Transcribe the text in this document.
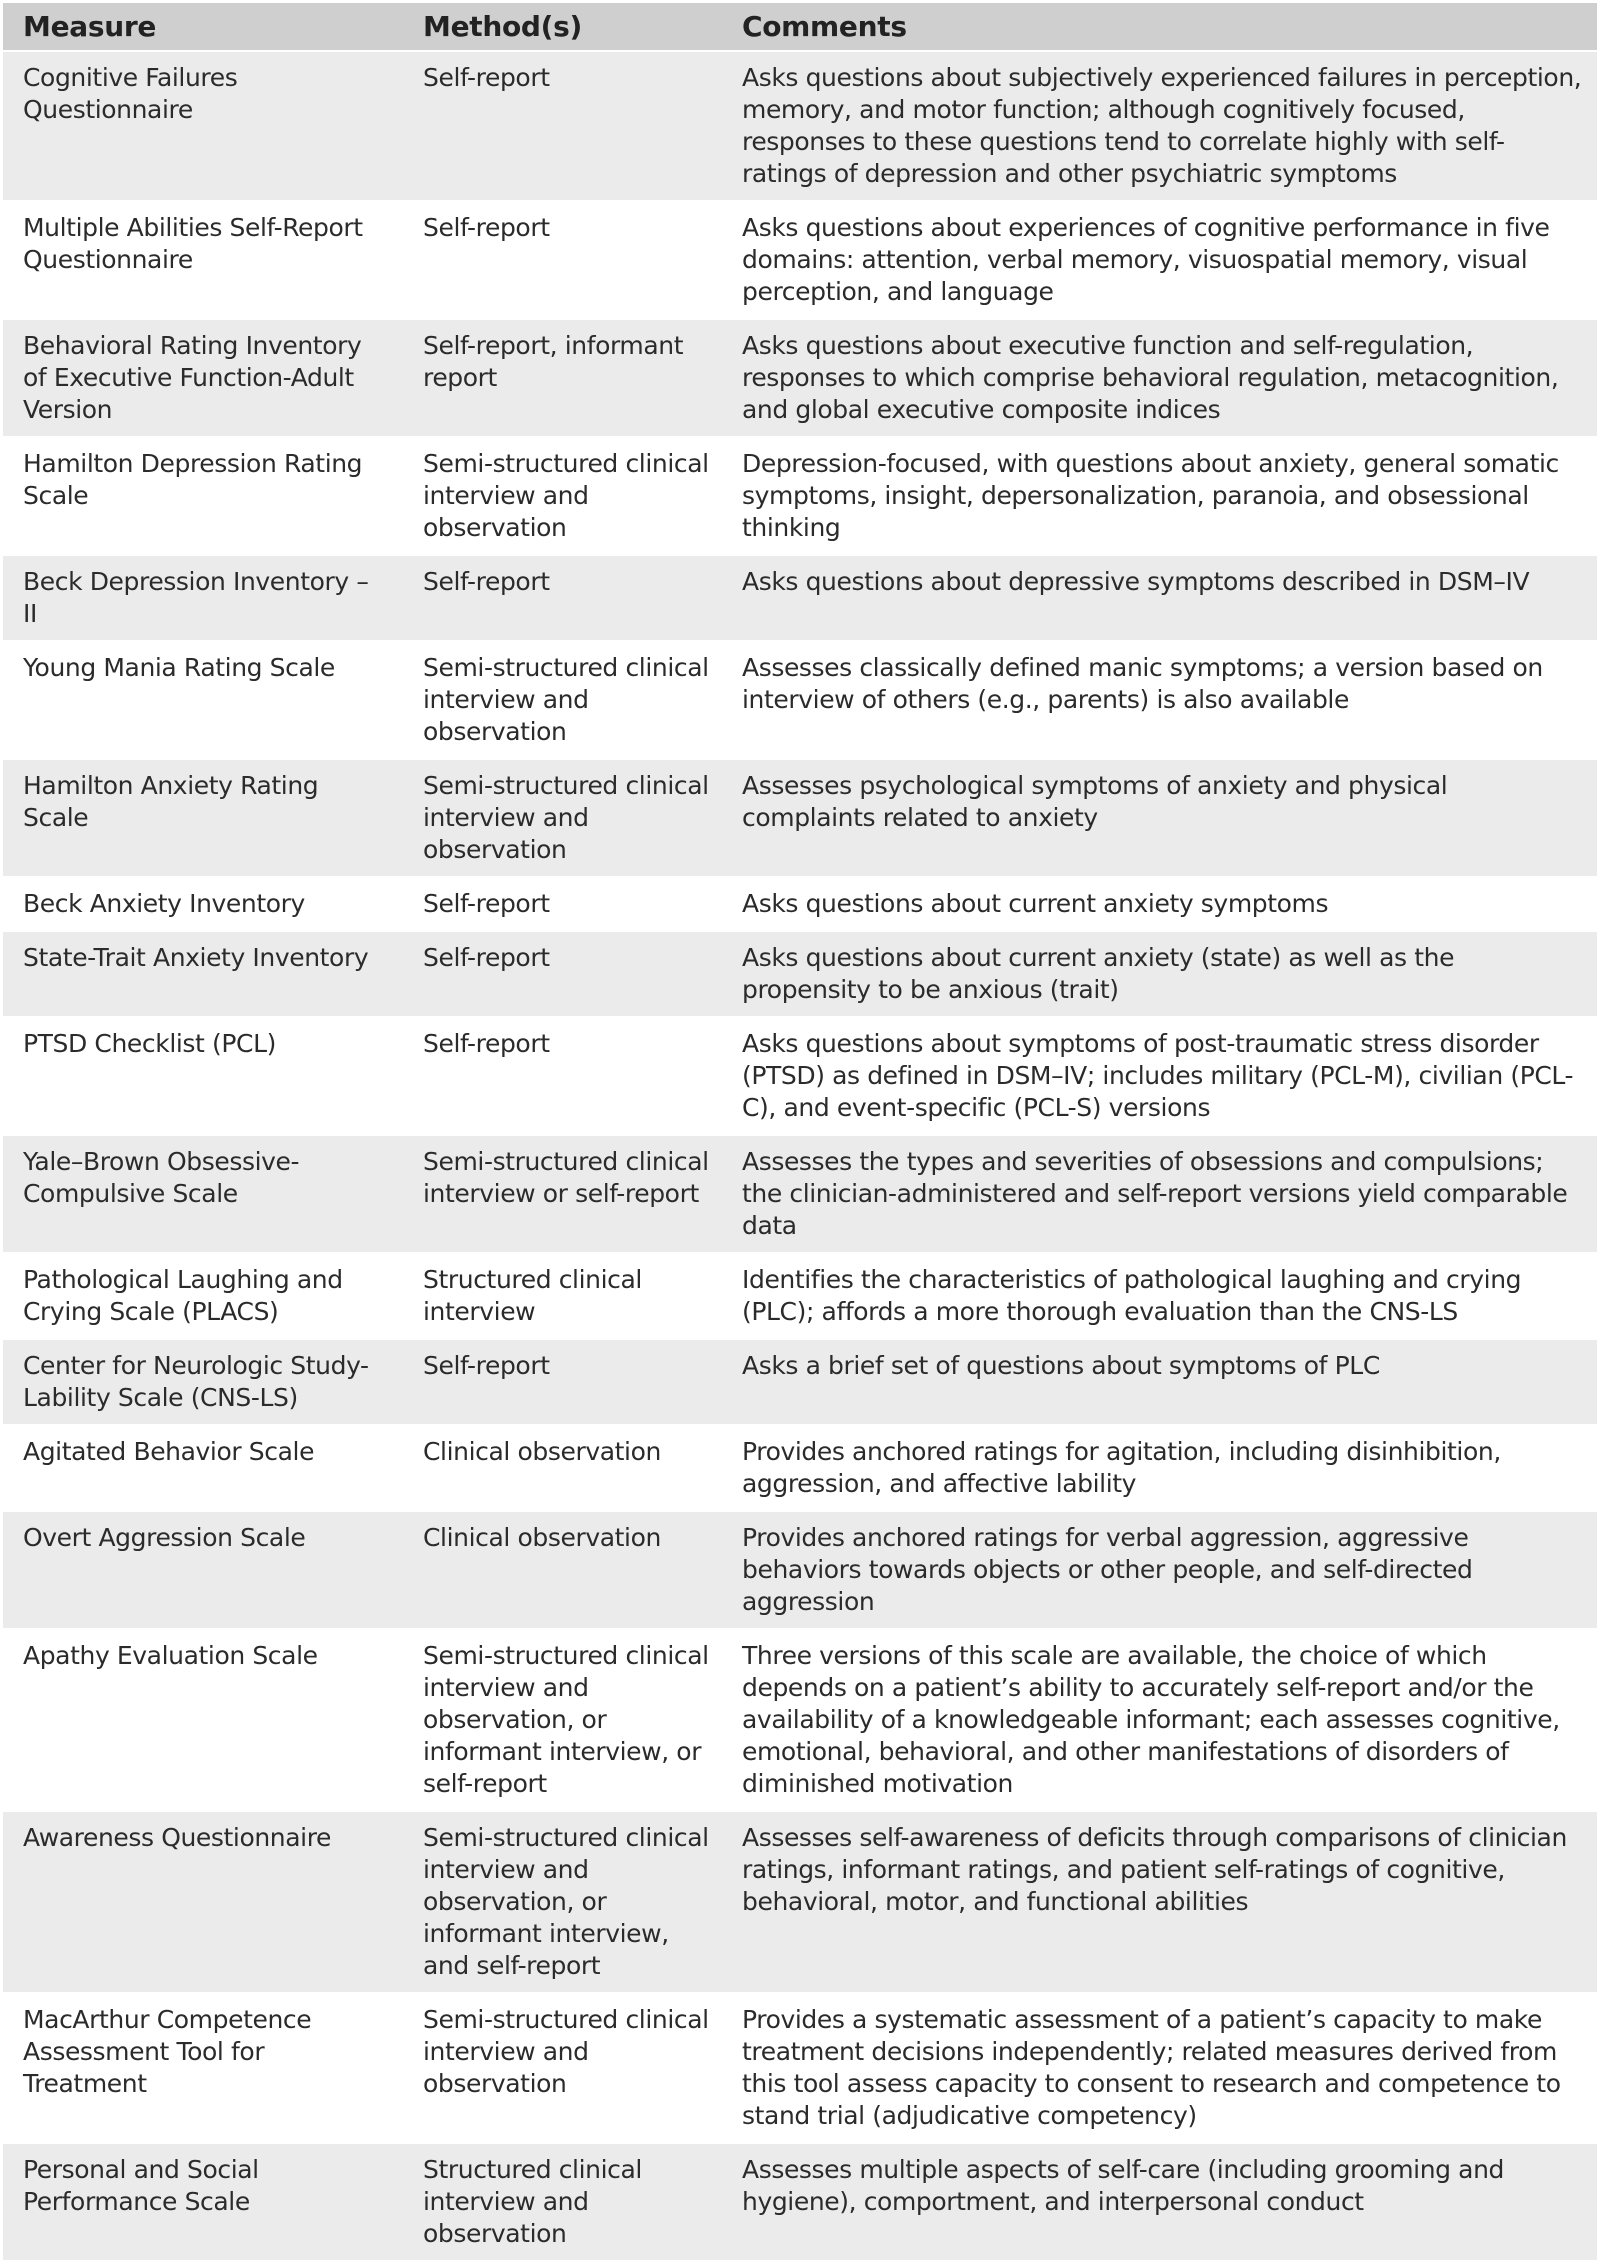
Measure	Method(s)	Comments
Cognitive Failures Questionnaire	Self-report	Asks questions about subjectively experienced failures in perception, memory, and motor function; although cognitively focused, responses to these questions tend to correlate highly with self-ratings of depression and other psychiatric symptoms
Multiple Abilities Self-Report Questionnaire	Self-report	Asks questions about experiences of cognitive performance in five domains: attention, verbal memory, visuospatial memory, visual perception, and language
Behavioral Rating Inventory of Executive Function-Adult Version	Self-report, informant report	Asks questions about executive function and self-regulation, responses to which comprise behavioral regulation, metacognition, and global executive composite indices
Hamilton Depression Rating Scale	Semi-structured clinical interview and observation	Depression-focused, with questions about anxiety, general somatic symptoms, insight, depersonalization, paranoia, and obsessional thinking
Beck Depression Inventory – II	Self-report	Asks questions about depressive symptoms described in DSM–IV
Young Mania Rating Scale	Semi-structured clinical interview and observation	Assesses classically defined manic symptoms; a version based on interview of others (e.g., parents) is also available
Hamilton Anxiety Rating Scale	Semi-structured clinical interview and observation	Assesses psychological symptoms of anxiety and physical complaints related to anxiety
Beck Anxiety Inventory	Self-report	Asks questions about current anxiety symptoms
State-Trait Anxiety Inventory	Self-report	Asks questions about current anxiety (state) as well as the propensity to be anxious (trait)
PTSD Checklist (PCL)	Self-report	Asks questions about symptoms of post-traumatic stress disorder (PTSD) as defined in DSM–IV; includes military (PCL-M), civilian (PCL-C), and event-specific (PCL-S) versions
Yale–Brown Obsessive-Compulsive Scale	Semi-structured clinical interview or self-report	Assesses the types and severities of obsessions and compulsions; the clinician-administered and self-report versions yield comparable data
Pathological Laughing and Crying Scale (PLACS)	Structured clinical interview	Identifies the characteristics of pathological laughing and crying (PLC); affords a more thorough evaluation than the CNS-LS
Center for Neurologic Study-Lability Scale (CNS-LS)	Self-report	Asks a brief set of questions about symptoms of PLC
Agitated Behavior Scale	Clinical observation	Provides anchored ratings for agitation, including disinhibition, aggression, and affective lability
Overt Aggression Scale	Clinical observation	Provides anchored ratings for verbal aggression, aggressive behaviors towards objects or other people, and self-directed aggression
Apathy Evaluation Scale	Semi-structured clinical interview and observation, or informant interview, or self-report	Three versions of this scale are available, the choice of which depends on a patient’s ability to accurately self-report and/or the availability of a knowledgeable informant; each assesses cognitive, emotional, behavioral, and other manifestations of disorders of diminished motivation
Awareness Questionnaire	Semi-structured clinical interview and observation, or informant interview, and self-report	Assesses self-awareness of deficits through comparisons of clinician ratings, informant ratings, and patient self-ratings of cognitive, behavioral, motor, and functional abilities
MacArthur Competence Assessment Tool for Treatment	Semi-structured clinical interview and observation	Provides a systematic assessment of a patient’s capacity to make treatment decisions independently; related measures derived from this tool assess capacity to consent to research and competence to stand trial (adjudicative competency)
Personal and Social Performance Scale	Structured clinical interview and observation	Assesses multiple aspects of self-care (including grooming and hygiene), comportment, and interpersonal conduct
